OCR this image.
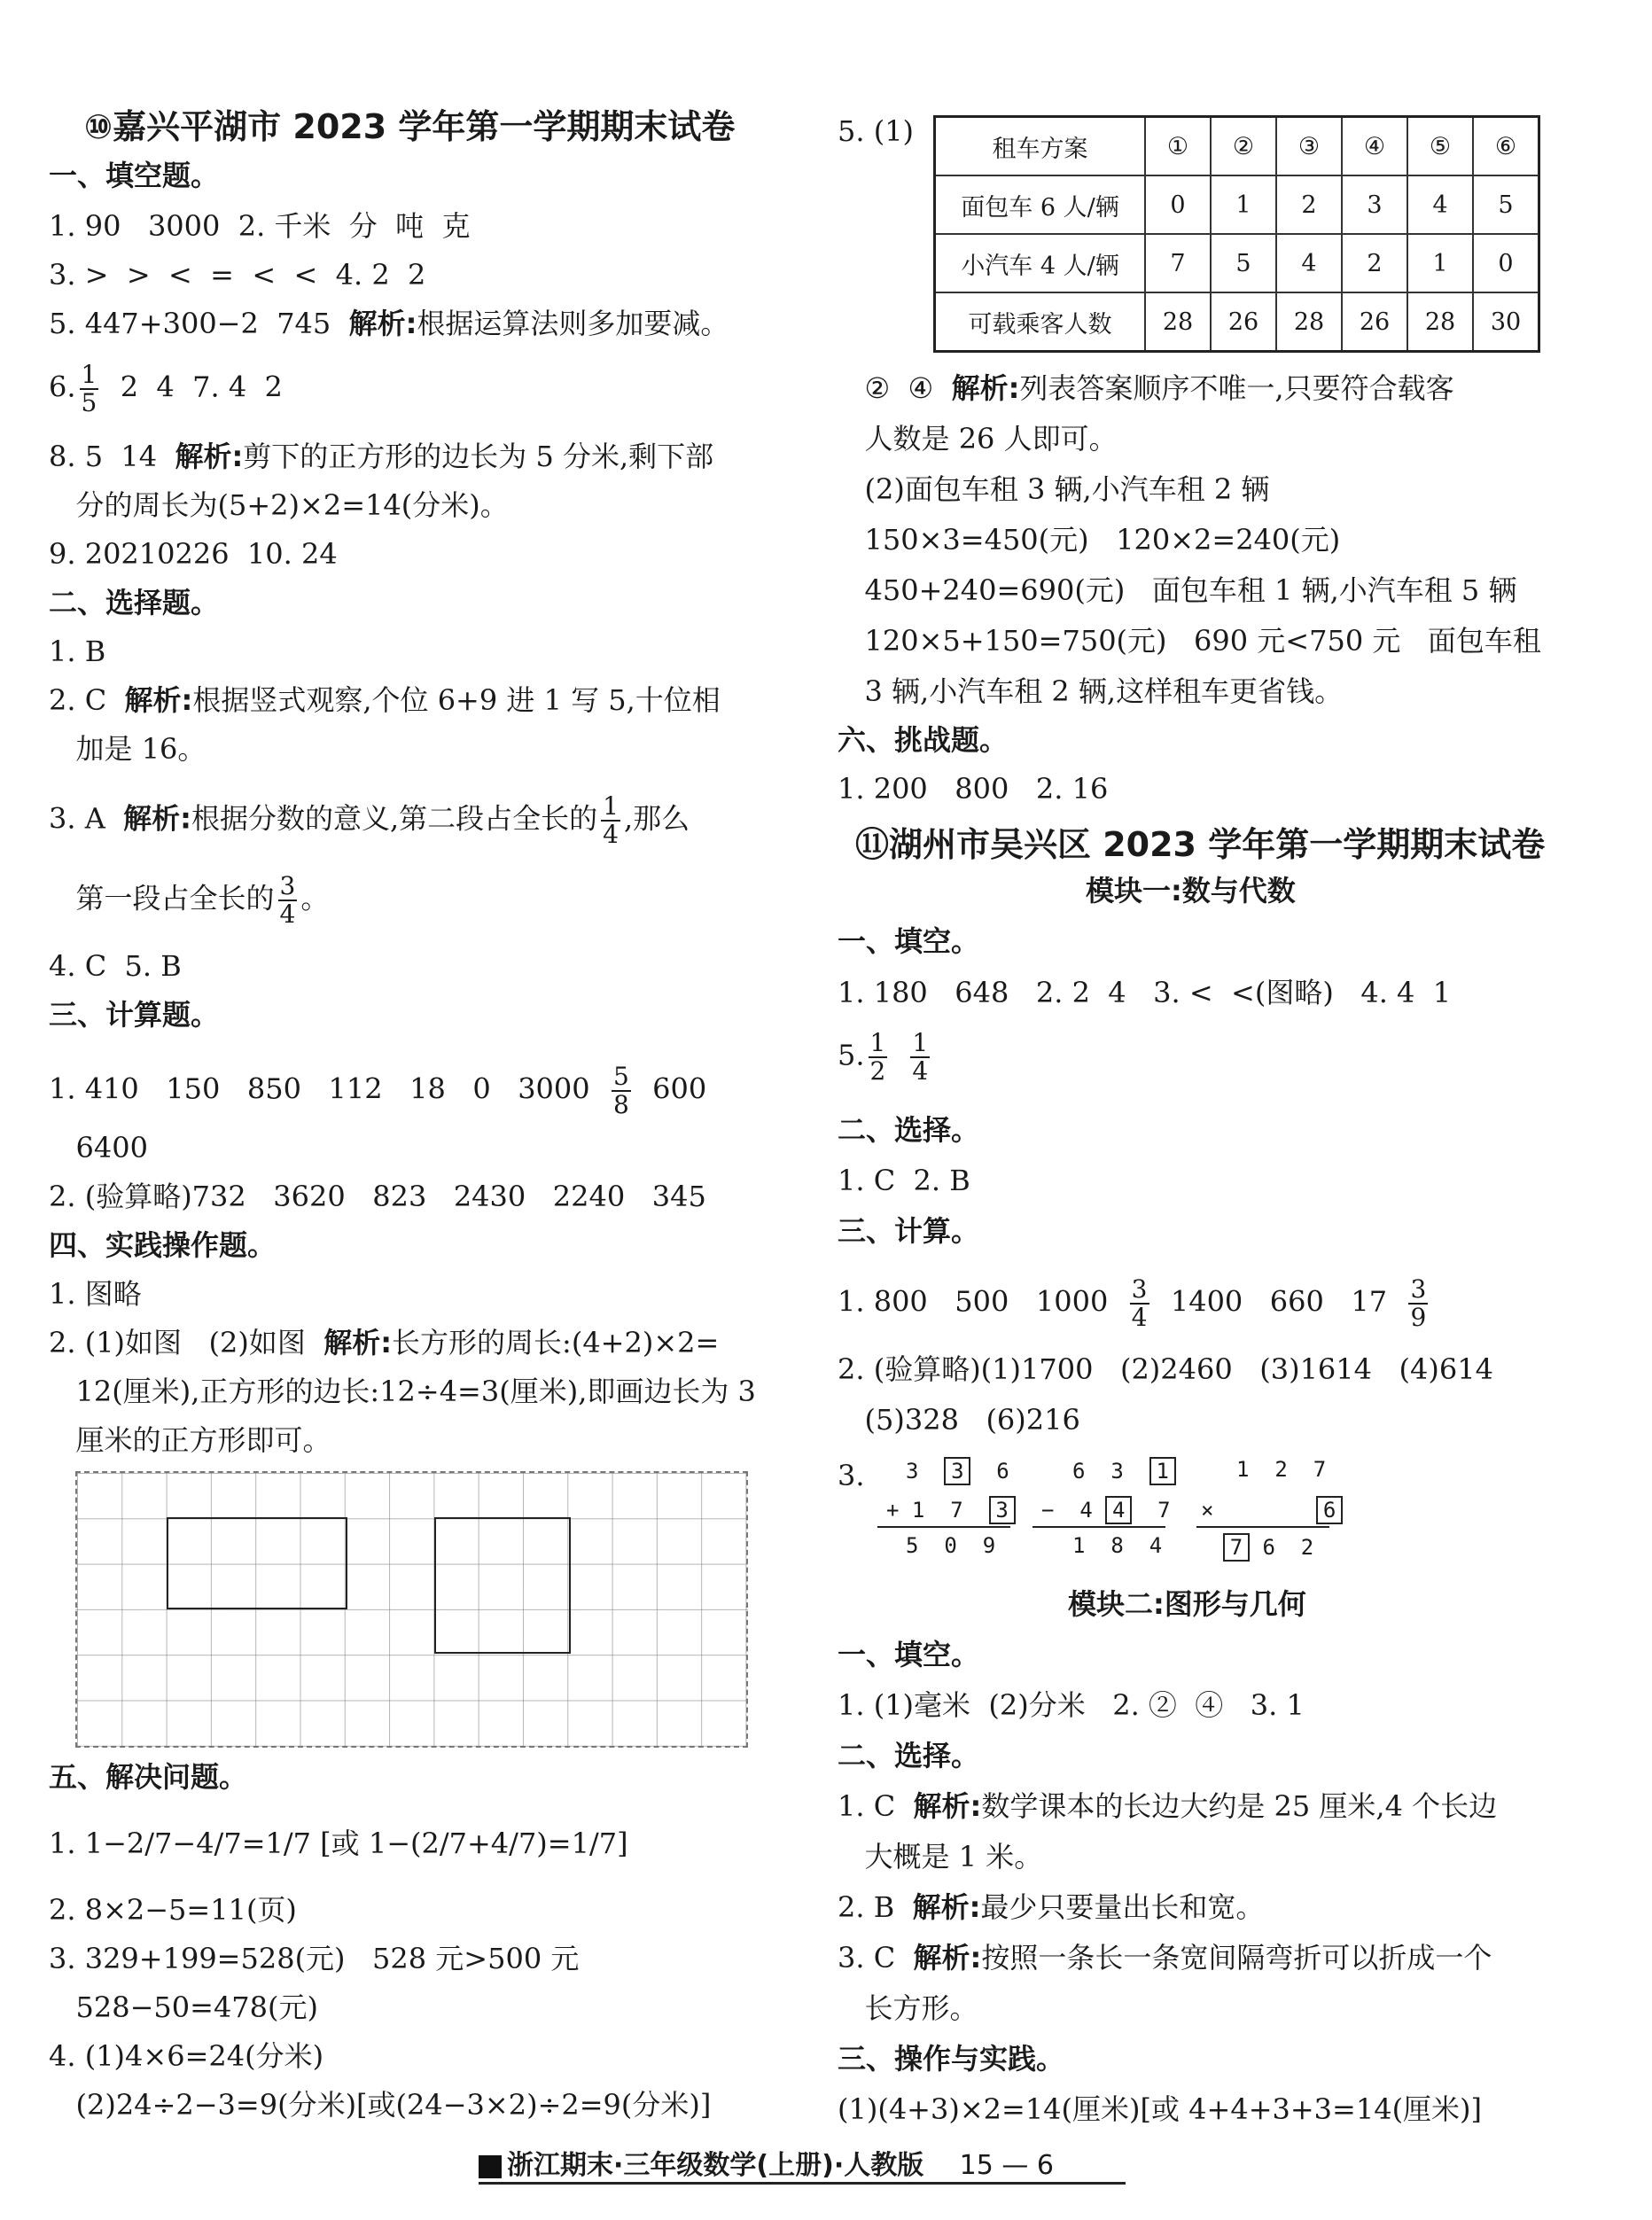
⑩嘉兴平湖市 2023 学年第一学期期末试卷
一、填空题。
1. 90   3000  2. 千米  分  吨  克
3. >  >  <  =  <  <  4. 2  2
5. 447+300−2  745  解析:根据运算法则多加要减。
6. $\frac{1}{5} 2$  4  7. 4  2
8. 5  14  解析:剪下的正方形的边长为 5 分米,剩下部
分的周长为(5+2)×2=14(分米)。
9. 20210226  10. 24
二、选择题。
1. B
2. C  解析:根据竖式观察,个位 6+9 进 1 写 5,十位相
加是 16。
3. A  解析:根据分数的意义,第二段占全长的 $\frac{1}{4}$ ,那么
第一段占全长的 $\frac{3}{4}$ 。
4. C  5. B
三、计算题。
1. 410   150   850   112   18   0   $3000 \frac{5}{8} 600$
6400
2. (验算略)732   3620   823   2430   2240   345
四、实践操作题。
1. 图略
2. (1)如图   (2)如图  解析:长方形的周长:(4+2)×2=
12(厘米),正方形的边长:12÷4=3(厘米),即画边长为 3
厘米的正方形即可。
五、解决问题。
1. 1−2/7−4/7=1/7 [或 1−(2/7+4/7)=1/7]
2. 8×2−5=11(页)
3. 329+199=528(元)   528 元>500 元
528−50=478(元)
4. (1)4×6=24(分米)
(2)24÷2−3=9(分米)[或(24−3×2)÷2=9(分米)]
5. (1)
②  ④  解析:列表答案顺序不唯一,只要符合载客
人数是 26 人即可。
(2)面包车租 3 辆,小汽车租 2 辆
150×3=450(元)   120×2=240(元)
450+240=690(元)   面包车租 1 辆,小汽车租 5 辆
120×5+150=750(元)   690 元<750 元   面包车租
3 辆,小汽车租 2 辆,这样租车更省钱。
六、挑战题。
1. 200   800   2. 16
⑪湖州市吴兴区 2023 学年第一学期期末试卷
模块一:数与代数
一、填空。
1. 180   648   2. 2  4   3. <  <(图略)   4. 4  1
5. $\frac{1}{2} \frac{1}{4}$
二、选择。
1. C  2. B
三、计算。
1. 800   500   $1000 \frac{3}{4} 1400$   660   $17 \frac{3}{9}$
2. (验算略)(1)1700   (2)2460   (3)1614   (4)614
(5)328   (6)216
3.
租车方案	①	②	③	④	⑤	⑥
面包车 6 人/辆	0	1	2	3	4	5
小汽车 4 人/辆	7	5	4	2	1	0
可载乘客人数	28	26	28	26	28	30
3 3 6
+ 1 7 3
5  0  9
6 3 1
− 4 4 7
1  8  4
1 2 7
×	6
7 6  2
模块二:图形与几何
一、填空。
1. (1)毫米  (2)分米   2. ②  ④   3. 1
二、选择。
1. C  解析:数学课本的长边大约是 25 厘米,4 个长边
大概是 1 米。
2. B  解析:最少只要量出长和宽。
3. C  解析:按照一条长一条宽间隔弯折可以折成一个
长方形。
三、操作与实践。
(1)(4+3)×2=14(厘米)[或 4+4+3+3=14(厘米)]
浙江期末·三年级数学(上册)·人教版 15 — 6
